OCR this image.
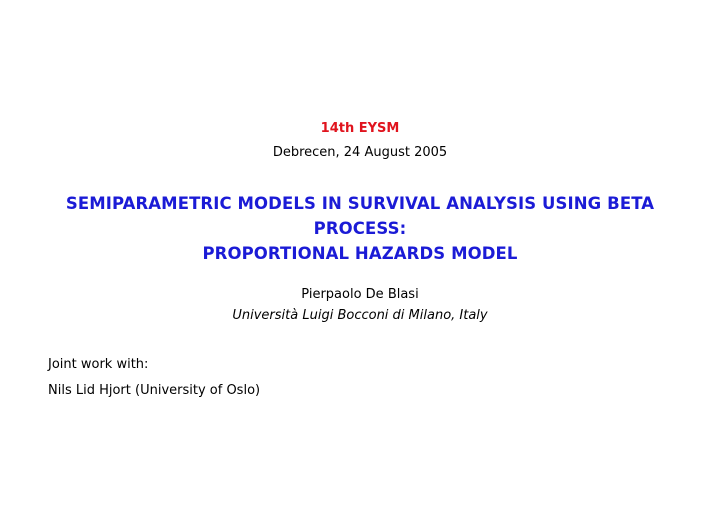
14th EYSM
Debrecen, 24 August 2005
SEMIPARAMETRIC MODELS IN SURVIVAL ANALYSIS USING BETA
PROCESS:
PROPORTIONAL HAZARDS MODEL
Pierpaolo De Blasi
Università Luigi Bocconi di Milano, Italy
Joint work with:
Nils Lid Hjort (University of Oslo)
